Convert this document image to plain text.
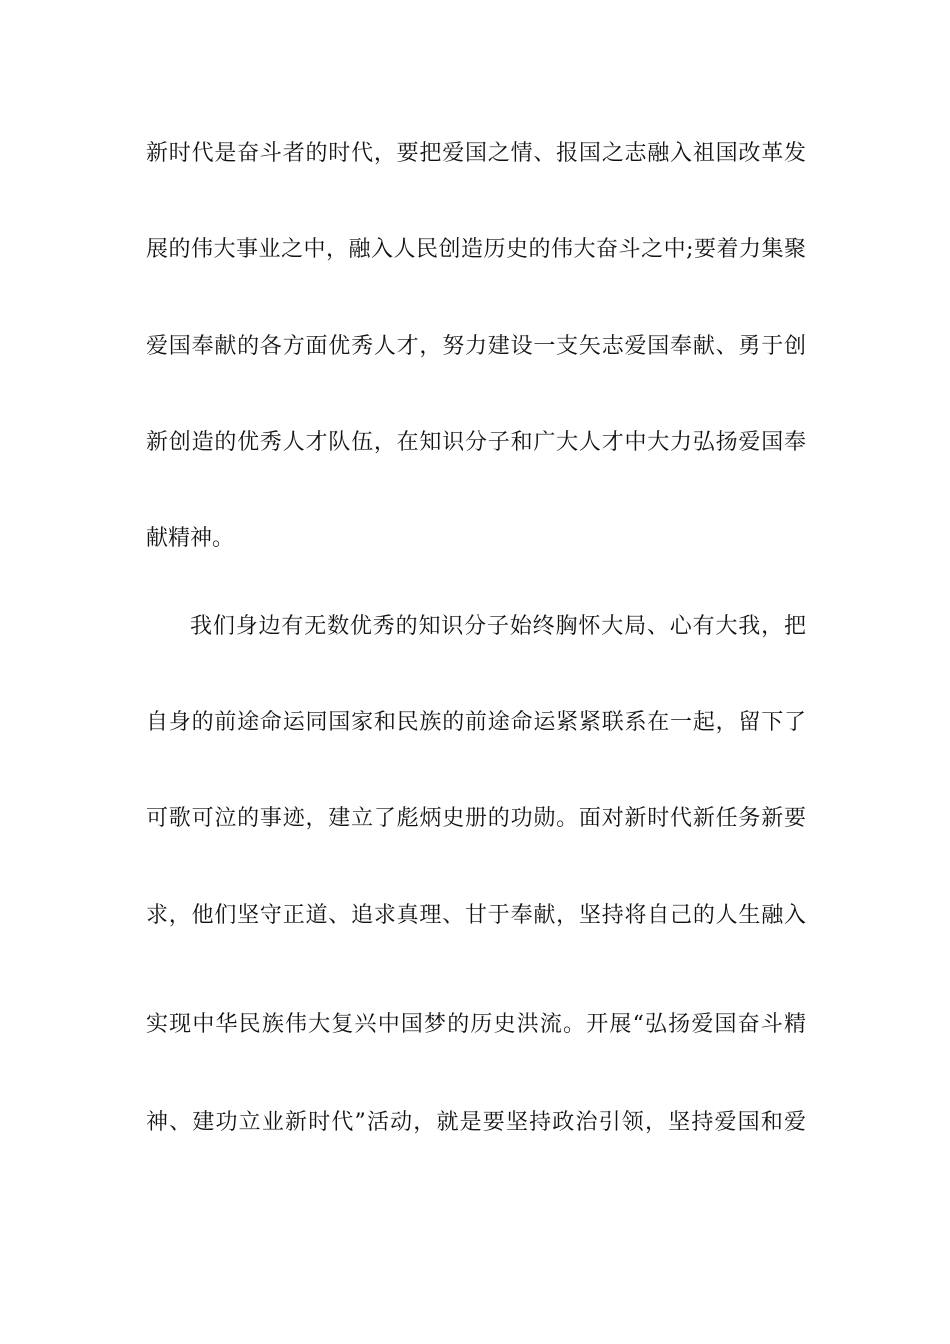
新时代是奋斗者的时代，要把爱国之情、报国之志融入祖国改革发
展的伟大事业之中，融入人民创造历史的伟大奋斗之中;要着力集聚
爱国奉献的各方面优秀人才，努力建设一支矢志爱国奉献、勇于创
新创造的优秀人才队伍，在知识分子和广大人才中大力弘扬爱国奉
献精神。
我们身边有无数优秀的知识分子始终胸怀大局、心有大我，把
自身的前途命运同国家和民族的前途命运紧紧联系在一起，留下了
可歌可泣的事迹，建立了彪炳史册的功勋。面对新时代新任务新要
求，他们坚守正道、追求真理、甘于奉献，坚持将自己的人生融入
实现中华民族伟大复兴中国梦的历史洪流。开展“弘扬爱国奋斗精
神、建功立业新时代”活动，就是要坚持政治引领，坚持爱国和爱
